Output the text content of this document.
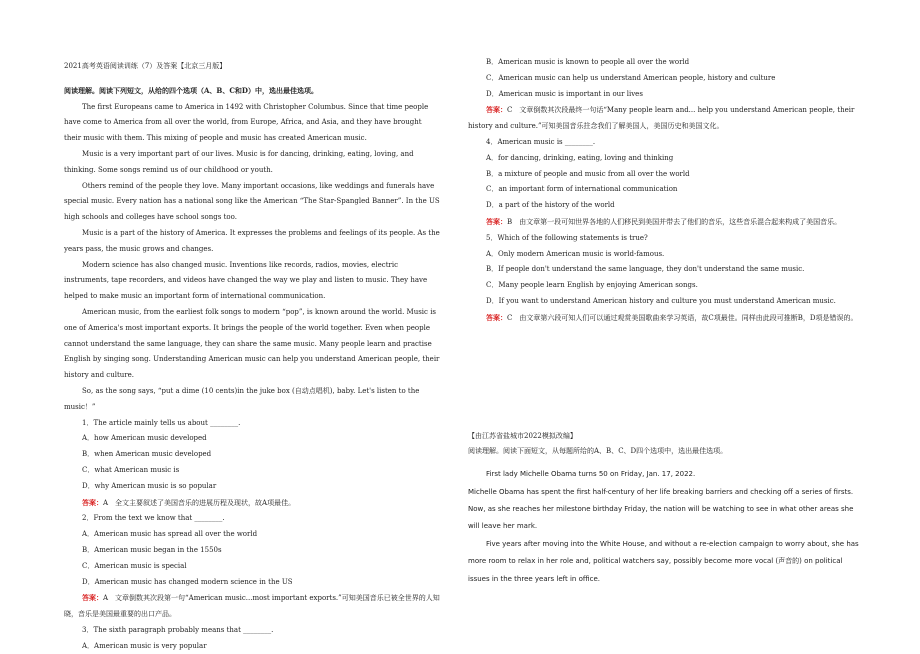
2021高考英语阅读训练（7）及答案【北京三月版】

阅读理解。阅读下列短文，从给的四个选项（A、B、C和D）中，选出最佳选项。

The first Europeans came to America in 1492 with Christopher Columbus. Since that time people have come to America from all over the world, from Europe, Africa, and Asia, and they have brought their music with them. This mixing of people and music has created American music.

Music is a very important part of our lives. Music is for dancing, drinking, eating, loving, and thinking. Some songs remind us of our childhood or youth.

Others remind of the people they love. Many important occasions, like weddings and funerals have special music. Every nation has a national song like the American “The Star-Spangled Banner”. In the US high schools and colleges have school songs too.

Music is a part of the history of America. It expresses the problems and feelings of its people. As the years pass, the music grows and changes.

Modern science has also changed music. Inventions like records, radios, movies, electric instruments, tape recorders, and videos have changed the way we play and listen to music. They have helped to make music an important form of international communication.

American music, from the earliest folk songs to modern “pop”, is known around the world. Music is one of America's most important exports. It brings the people of the world together. Even when people cannot understand the same language, they can share the same music. Many people learn and practise English by singing song. Understanding American music can help you understand American people, their history and culture.

So, as the song says, “put a dime (10 cents)in the juke box (自动点唱机), baby. Let's listen to the music！”

1．The article mainly tells us about ________.

A．how American music developed

B．when American music developed

C．what American music is

D．why American music is so popular

答案：A　全文主要叙述了美国音乐的进展历程及现状，故A项最佳。

2．From the text we know that ________.

A．American music has spread all over the world

B．American music began in the 1550s

C．American music is special

D．American music has changed modern science in the US

答案：A　文章倒数其次段第一句“American music...most important exports.”可知美国音乐已被全世界的人知晓，音乐是美国最重要的出口产品。

3．The sixth paragraph probably means that ________.

A．American music is very popular

B．American music is known to people all over the world

C．American music can help us understand American people, history and culture

D．American music is important in our lives

答案：C　文章倒数其次段最终一句话“Many people learn and... help you understand American people, their history and culture.”可知美国音乐拄念我们了解美国人，美国历史和美国文化。

4．American music is ________.

A．for dancing, drinking, eating, loving and thinking

B．a mixture of people and music from all over the world

C．an important form of international communication

D．a part of the history of the world

答案：B　由文章第一段可知世界各地的人们移民到美国并带去了他们的音乐，这些音乐混合起来构成了美国音乐。

5．Which of the following statements is true?

A．Only modern American music is world-famous.

B．If people don't understand the same language, they don't understand the same music.

C．Many people learn English by enjoying American songs.

D．If you want to understand American history and culture you must understand American music.

答案：C　由文章第六段可知人们可以通过观赏美国歌曲来学习英语，故C项最佳。同样由此段可推断B，D项是错误的。

【由江苏省盐城市2022模拟改编】

阅读理解。阅读下面短文，从每题所给的A、B、C、D四个选项中，选出最佳选项。

First lady Michelle Obama turns 50 on Friday, Jan. 17, 2022.

Michelle Obama has spent the first half-century of her life breaking barriers and checking off a series of firsts. Now, as she reaches her milestone birthday Friday, the nation will be watching to see in what other areas she will leave her mark.

Five years after moving into the White House, and without a re-election campaign to worry about, she has more room to relax in her role and, political watchers say, possibly become more vocal (声音的) on political issues in the three years left in office.
